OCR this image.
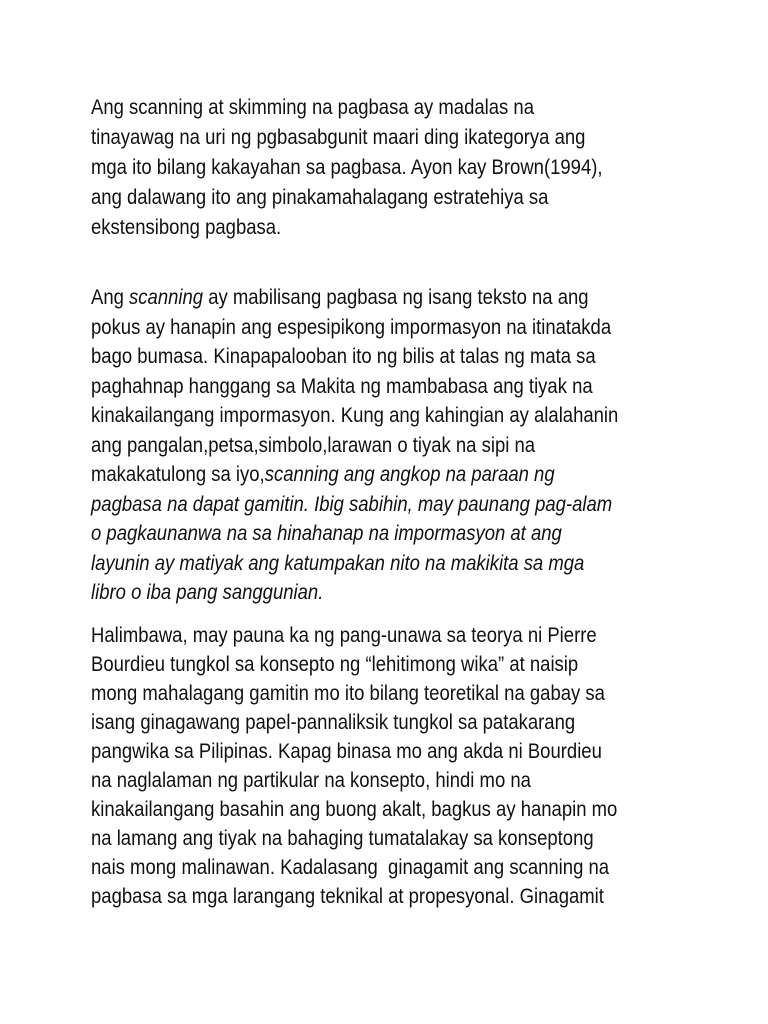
Ang scanning at skimming na pagbasa ay madalas na
tinayawag na uri ng pgbasabgunit maari ding ikategorya ang
mga ito bilang kakayahan sa pagbasa. Ayon kay Brown(1994),
ang dalawang ito ang pinakamahalagang estratehiya sa
ekstensibong pagbasa.
Ang scanning ay mabilisang pagbasa ng isang teksto na ang
pokus ay hanapin ang espesipikong impormasyon na itinatakda
bago bumasa. Kinapapalooban ito ng bilis at talas ng mata sa
paghahnap hanggang sa Makita ng mambabasa ang tiyak na
kinakailangang impormasyon. Kung ang kahingian ay alalahanin
ang pangalan,petsa,simbolo,larawan o tiyak na sipi na
makakatulong sa iyo,scanning ang angkop na paraan ng
pagbasa na dapat gamitin. Ibig sabihin, may paunang pag-alam
o pagkaunanwa na sa hinahanap na impormasyon at ang
layunin ay matiyak ang katumpakan nito na makikita sa mga
libro o iba pang sanggunian.
Halimbawa, may pauna ka ng pang-unawa sa teorya ni Pierre
Bourdieu tungkol sa konsepto ng “lehitimong wika” at naisip
mong mahalagang gamitin mo ito bilang teoretikal na gabay sa
isang ginagawang papel-pannaliksik tungkol sa patakarang
pangwika sa Pilipinas. Kapag binasa mo ang akda ni Bourdieu
na naglalaman ng partikular na konsepto, hindi mo na
kinakailangang basahin ang buong akalt, bagkus ay hanapin mo
na lamang ang tiyak na bahaging tumatalakay sa konseptong
nais mong malinawan. Kadalasang  ginagamit ang scanning na
pagbasa sa mga larangang teknikal at propesyonal. Ginagamit
